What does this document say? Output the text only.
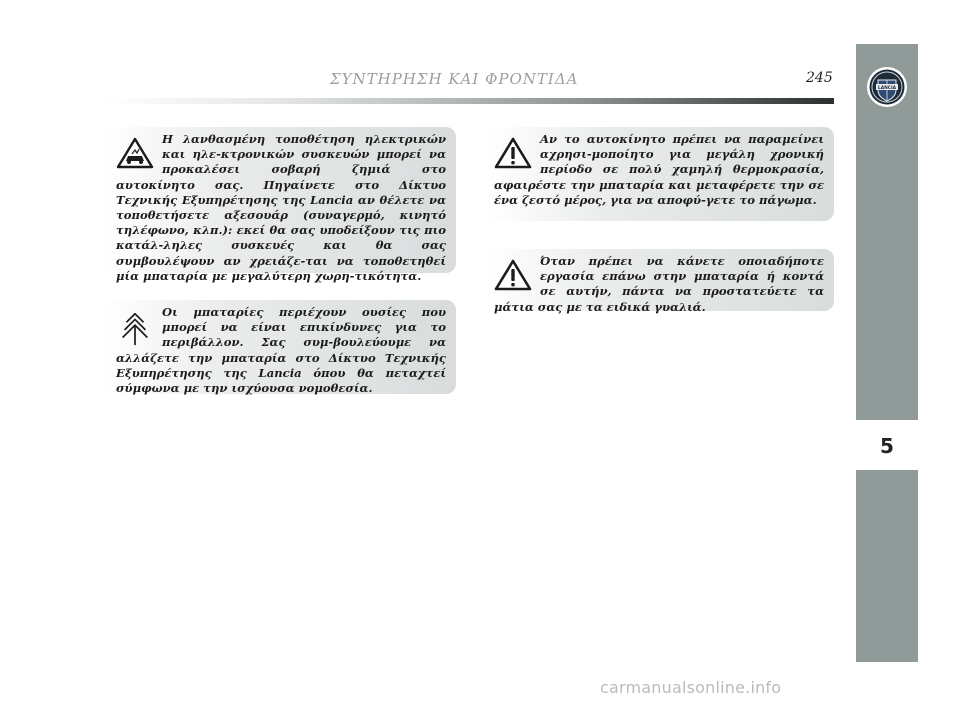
ΣΥΝΤΗΡΗΣΗ ΚΑΙ ΦΡΟΝΤΙΔΑ	245
LANCIA
5

Η λανθασμένη τοποθέτηση ηλεκτρικών και ηλε-κτρονικών συσκευών μπορεί να προκαλέσει σοβαρή ζημιά στο αυτοκίνητο σας. Πηγαίνετε στο Δίκτυο Τεχνικής Εξυπηρέτησης της Lancia αν θέλετε να τοποθετήσετε αξεσουάρ (συναγερμό, κινητό τηλέφωνο, κλπ.): εκεί θα σας υποδείξουν τις πιο κατάλ-ληλες συσκευές και θα σας συμβουλέψουν αν χρειάζε-ται να τοποθετηθεί μία μπαταρία με μεγαλύτερη χωρη-τικότητα.

Οι μπαταρίες περιέχουν ουσίες που μπορεί να είναι επικίνδυνες για το περιβάλλον. Σας συμ-βουλεύουμε να αλλάζετε την μπαταρία στο Δίκτυο Τεχνικής Εξυπηρέτησης της Lancia όπου θα πεταχτεί σύμφωνα με την ισχύουσα νομοθεσία.

Αν το αυτοκίνητο πρέπει να παραμείνει αχρησι-μοποίητο για μεγάλη χρονική περίοδο σε πολύ χαμηλή θερμοκρασία, αφαιρέστε την μπαταρία και μεταφέρετε την σε ένα ζεστό μέρος, για να αποφύ-γετε το πάγωμα.

Όταν πρέπει να κάνετε οποιαδήποτε εργασία επάνω στην μπαταρία ή κοντά σε αυτήν, πάντα να προστατεύετε τα μάτια σας με τα ειδικά γυαλιά.

carmanualsonline.info
